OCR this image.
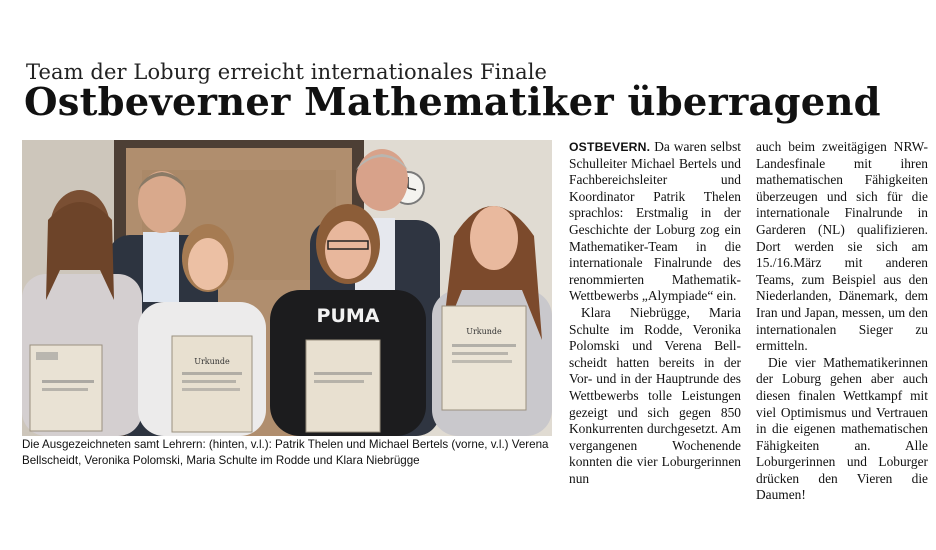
Team der Loburg erreicht internationales Finale
Ostbeverner Mathematiker überragend
PUMA
Urkunde
Urkunde
Die Ausgezeichneten samt Lehrern: (hinten, v.l.): Patrik Thelen und Michael Bertels (vorne, v.l.) Verena Bellscheidt, Veronika Polomski, Maria Schulte im Rodde und Klara Niebrügge

OSTBEVERN. Da waren selbst Schulleiter Michael Bertels und Fachbereichsleiter und Koordinator Patrik Thelen sprachlos: Erstmalig in der Geschichte der Loburg zog ein Mathematiker-Team in die internationale Finalrunde des renommierten Mathematik-Wettbewerbs „Alympiade“ ein.

Klara Niebrügge, Maria Schulte im Rodde, Veronika Polomski und Verena Bellscheidt hatten bereits in der Vor- und in der Hauptrunde des Wettbewerbs tolle Leistungen gezeigt und sich gegen 850 Konkurrenten durchgesetzt. Am vergangenen Wochenende konnten die vier Loburgerinnen nun

auch beim zweitägigen NRW-Landesfinale mit ihren mathematischen Fähigkeiten überzeugen und sich für die internationale Finalrunde in Garderen (NL) qualifizieren. Dort werden sie sich am 15./16.März mit anderen Teams, zum Beispiel aus den Niederlanden, Dänemark, dem Iran und Japan, messen, um den internationalen Sieger zu ermitteln.

Die vier Mathematikerinnen der Loburg gehen aber auch diesen finalen Wettkampf mit viel Optimismus und Vertrauen in die eigenen mathematischen Fähigkeiten an. Alle Loburgerinnen und Loburger drücken den Vieren die Daumen!
